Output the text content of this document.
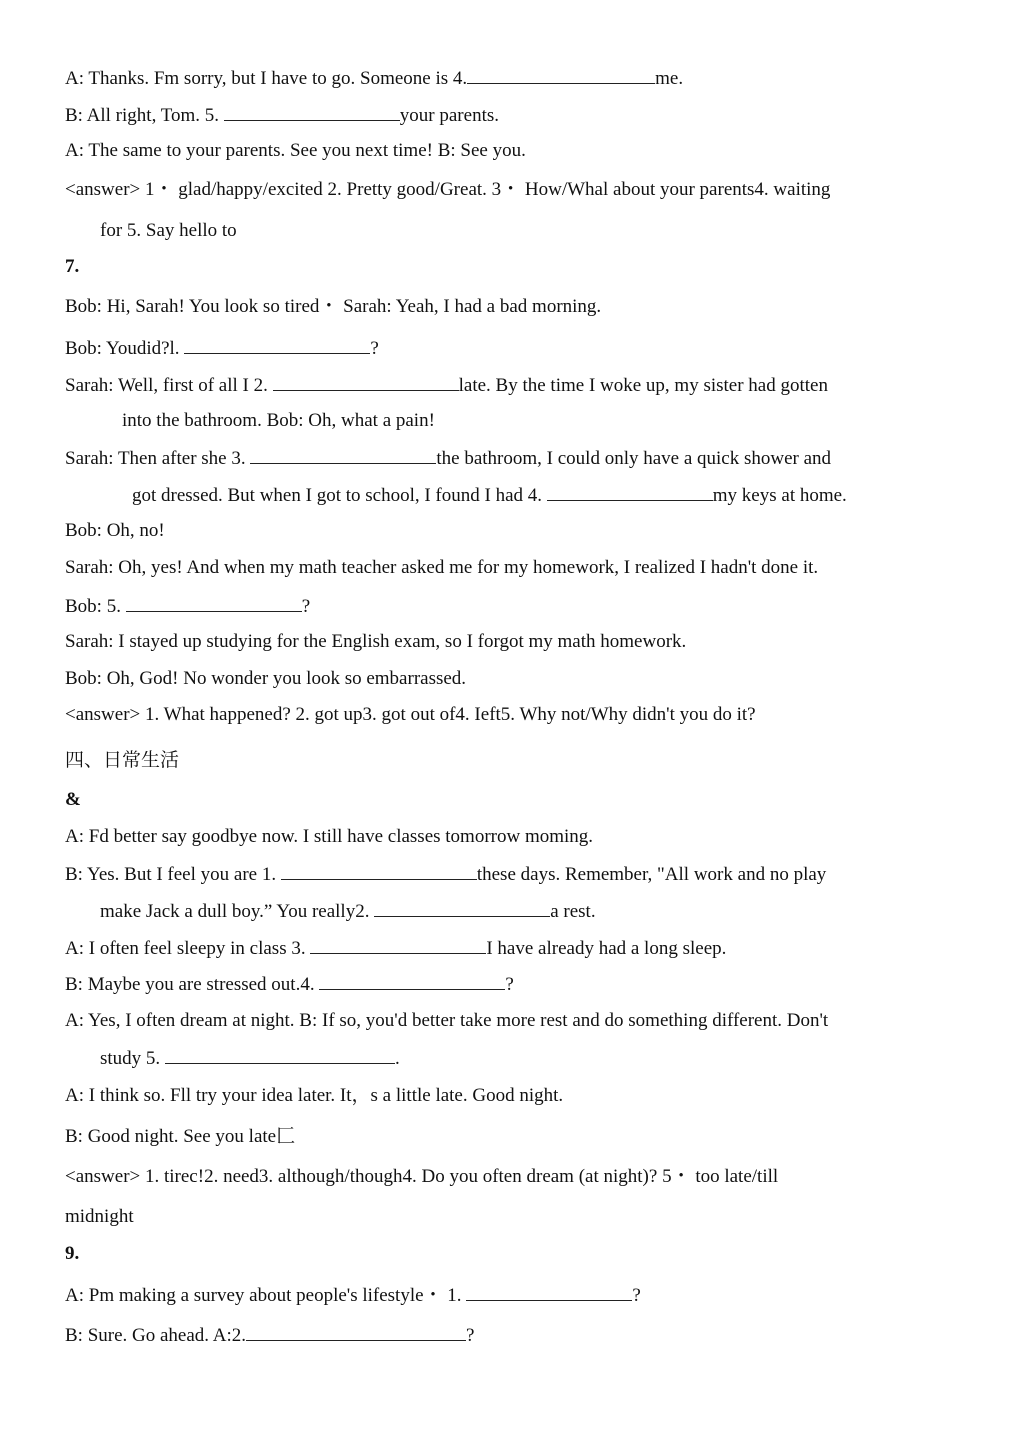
A: Thanks. Fm sorry, but I have to go. Someone is 4.	me.
B: All right, Tom. 5.	your parents.
A: The same to your parents. See you next time! B: See you.
<answer> 1・ glad/happy/excited 2. Pretty good/Great. 3・ How/Whal about your parents4. waiting
for 5. Say hello to
7.
Bob: Hi, Sarah! You look so tired・ Sarah: Yeah, I had a bad morning.
Bob: Youdid?l.	?
Sarah: Well, first of all I 2.	late. By the time I woke up, my sister had gotten
into the bathroom. Bob: Oh, what a pain!
Sarah: Then after she 3.	the bathroom, I could only have a quick shower and
got dressed. But when I got to school, I found I had 4.	my keys at home.
Bob: Oh, no!
Sarah: Oh, yes! And when my math teacher asked me for my homework, I realized I hadn't done it.
Bob: 5.	?
Sarah: I stayed up studying for the English exam, so I forgot my math homework.
Bob: Oh, God! No wonder you look so embarrassed.
<answer> 1. What happened? 2. got up3. got out of4. Ieft5. Why not/Why didn't you do it?
四、日常生活
&
A: Fd better say goodbye now. I still have classes tomorrow moming.
B: Yes. But I feel you are 1.	these days. Remember, "All work and no play
make Jack a dull boy.” You really2.	a rest.
A: I often feel sleepy in class 3.	I have already had a long sleep.
B: Maybe you are stressed out.4.	?
A: Yes, I often dream at night. B: If so, you'd better take more rest and do something different. Don't
study 5.	.
A: I think so. Fll try your idea later. It，s a little late. Good night.
B: Good night. See you late匚
<answer> 1. tirec!2. need3. although/though4. Do you often dream (at night)? 5・ too late/till
midnight
9.
A: Pm making a survey about people's lifestyle・ 1.	?
B: Sure. Go ahead. A:2.	?
